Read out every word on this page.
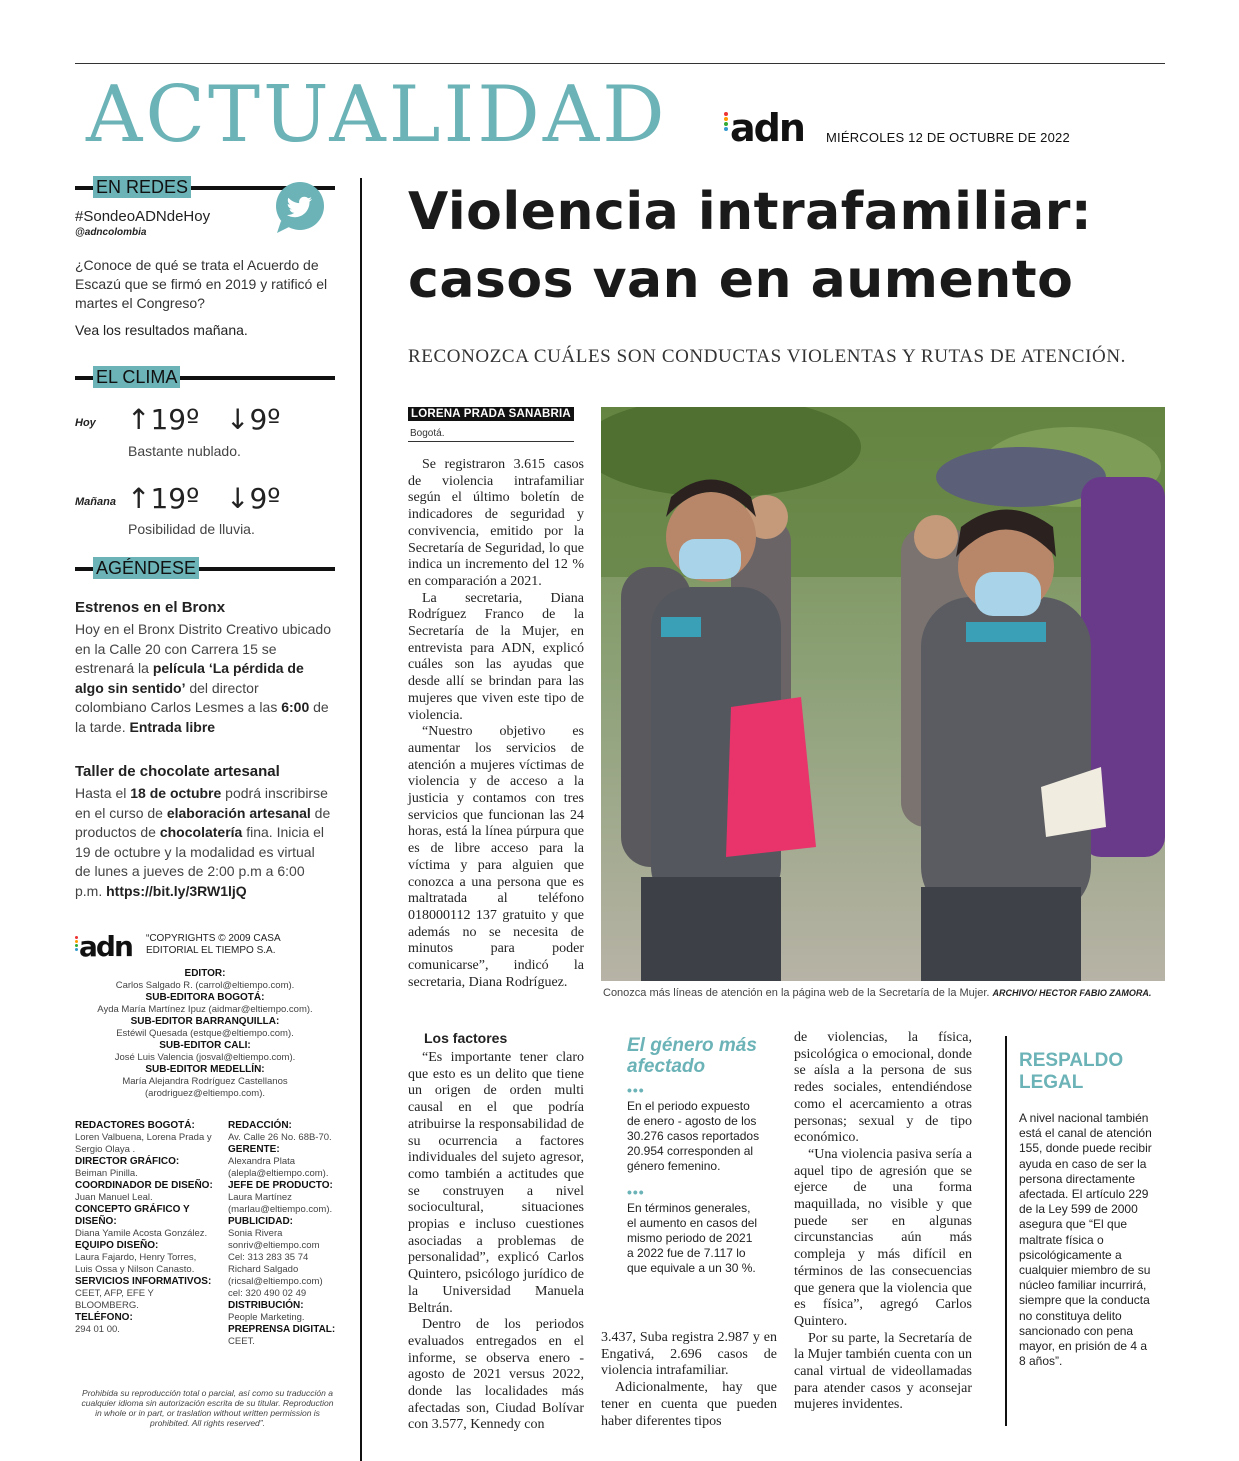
ACTUALIDAD adn MIÉRCOLES 12 DE OCTUBRE DE 2022
EN REDES
#SondeoADNdeHoy
@adncolombia
¿Conoce de qué se trata el Acuerdo de Escazú que se firmó en 2019 y ratificó el martes el Congreso?
Vea los resultados mañana.
EL CLIMA
Hoy ↑19º ↓9º
Bastante nublado.
Mañana ↑19º ↓9º
Posibilidad de lluvia.
AGÉNDESE
Estrenos en el Bronx
Hoy en el Bronx Distrito Creativo ubicado en la Calle 20 con Carrera 15 se estrenará la película ‘La pérdida de algo sin sentido’ del director colombiano Carlos Lesmes a las 6:00 de la tarde. Entrada libre
Taller de chocolate artesanal
Hasta el 18 de octubre podrá inscribirse en el curso de elaboración artesanal de productos de chocolatería fina. Inicia el 19 de octubre y la modalidad es virtual de lunes a jueves de 2:00 p.m a 6:00 p.m. https://bit.ly/3RW1ljQ
adn “COPYRIGHTS © 2009 CASA EDITORIAL EL TIEMPO S.A.
EDITOR:
Carlos Salgado R. (carrol@eltiempo.com).
SUB-EDITORA BOGOTÁ:
Ayda María Martínez Ipuz (aidmar@eltiempo.com).
SUB-EDITOR BARRANQUILLA:
Estéwil Quesada (estque@eltiempo.com).
SUB-EDITOR CALI:
José Luis Valencia (josval@eltiempo.com).
SUB-EDITOR MEDELLÍN:
María Alejandra Rodríguez Castellanos (arodriguez@eltiempo.com).
REDACTORES BOGOTÁ:
Loren Valbuena, Lorena Prada y Sergio Olaya .
DIRECTOR GRÁFICO:
Beiman Pinilla.
COORDINADOR DE DISEÑO:
Juan Manuel Leal.
CONCEPTO GRÁFICO Y DISEÑO:
Diana Yamile Acosta González.
EQUIPO DISEÑO:
Laura Fajardo, Henry Torres, Luis Ossa y Nilson Canasto.
SERVICIOS INFORMATIVOS:
CEET, AFP, EFE Y BLOOMBERG.
TELÉFONO:
294 01 00.
REDACCIÓN:
Av. Calle 26 No. 68B-70.
GERENTE:
Alexandra Plata (alepla@eltiempo.com).
JEFE DE PRODUCTO:
Laura Martínez (marlau@eltiempo.com).
PUBLICIDAD:
Sonia Rivera sonriv@eltiempo.com Cel: 313 283 35 74 Richard Salgado (ricsal@eltiempo.com) cel: 320 490 02 49
DISTRIBUCIÓN:
People Marketing.
PREPRENSA DIGITAL:
CEET.
Prohibida su reproducción total o parcial, así como su traducción a cualquier idioma sin autorización escrita de su titular. Reproduction in whole or in part, or traslation without written permission is prohibited. All rights reserved”.
Violencia intrafamiliar:
casos van en aumento
RECONOZCA CUÁLES SON CONDUCTAS VIOLENTAS Y RUTAS DE ATENCIÓN.
LORENA PRADA SANABRIA
Bogotá.

Se registraron 3.615 casos de violencia intrafamiliar según el último boletín de indicadores de seguridad y convivencia, emitido por la Secretaría de Seguridad, lo que indica un incremento del 12 % en comparación a 2021.

La secretaria, Diana Rodríguez Franco de la Secretaría de la Mujer, en entrevista para ADN, explicó cuáles son las ayudas que desde allí se brindan para las mujeres que viven este tipo de violencia.

“Nuestro objetivo es aumentar los servicios de atención a mujeres víctimas de violencia y de acceso a la justicia y contamos con tres servicios que funcionan las 24 horas, está la línea púrpura que es de libre acceso para la víctima y para alguien que conozca a una persona que es maltratada al teléfono 018000112 137 gratuito y que además no se necesita de minutos para poder comunicarse”, indicó la secretaria, Diana Rodríguez.

Conozca más líneas de atención en la página web de la Secretaría de la Mujer. ARCHIVO/ HECTOR FABIO ZAMORA.
Los factores

“Es importante tener claro que esto es un delito que tiene un origen de orden multi causal en el que podría atribuirse la responsabilidad de su ocurrencia a factores individuales del sujeto agresor, como también a actitudes que se construyen a nivel sociocultural, situaciones propias e incluso cuestiones asociadas a problemas de personalidad”, explicó Carlos Quintero, psicólogo jurídico de la Universidad Manuela Beltrán.

Dentro de los periodos evaluados entregados en el informe, se observa enero - agosto de 2021 versus 2022, donde las localidades más afectadas son, Ciudad Bolívar con 3.577, Kennedy con

El género más afectado
•••
En el periodo expuesto de enero - agosto de los 30.276 casos reportados 20.954 corresponden al género femenino.
•••
En términos generales, el aumento en casos del mismo periodo de 2021 a 2022 fue de 7.117 lo que equivale a un 30 %.

3.437, Suba registra 2.987 y en Engativá, 2.696 casos de violencia intrafamiliar.

Adicionalmente, hay que tener en cuenta que pueden haber diferentes tipos

de violencias, la física, psicológica o emocional, donde se aísla a la persona de sus redes sociales, entendiéndose como el acercamiento a otras personas; sexual y de tipo económico.

“Una violencia pasiva sería a aquel tipo de agresión que se ejerce de una forma maquillada, no visible y que puede ser en algunas circunstancias aún más compleja y más difícil en términos de las consecuencias que genera que la violencia que es física”, agregó Carlos Quintero.

Por su parte, la Secretaría de la Mujer también cuenta con un canal virtual de videollamadas para atender casos y aconsejar mujeres invidentes.

RESPALDO LEGAL
A nivel nacional también está el canal de atención 155, donde puede recibir ayuda en caso de ser la persona directamente afectada. El artículo 229 de la Ley 599 de 2000 asegura que “El que maltrate física o psicológicamente a cualquier miembro de su núcleo familiar incurrirá, siempre que la conducta no constituya delito sancionado con pena mayor, en prisión de 4 a 8 años”.
